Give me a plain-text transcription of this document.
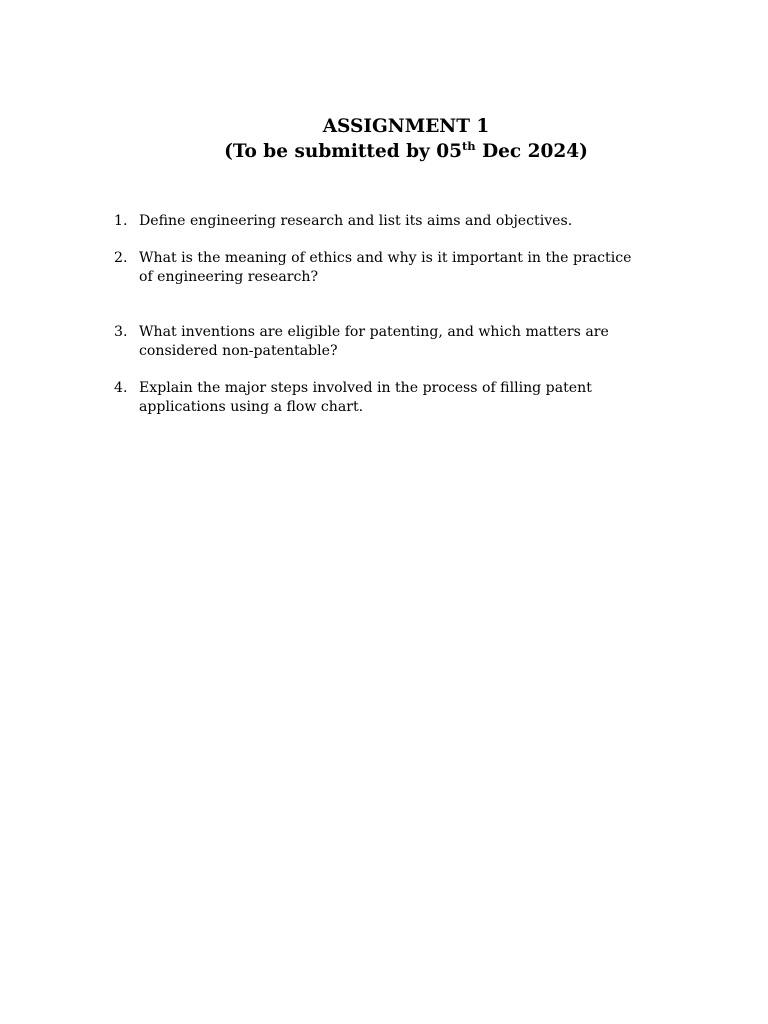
ASSIGNMENT 1
(To be submitted by 05th Dec 2024)
1. Define engineering research and list its aims and objectives.
2. What is the meaning of ethics and why is it important in the practice
of engineering research?
3. What inventions are eligible for patenting, and which matters are
considered non-patentable?
4. Explain the major steps involved in the process of filling patent
applications using a flow chart.
